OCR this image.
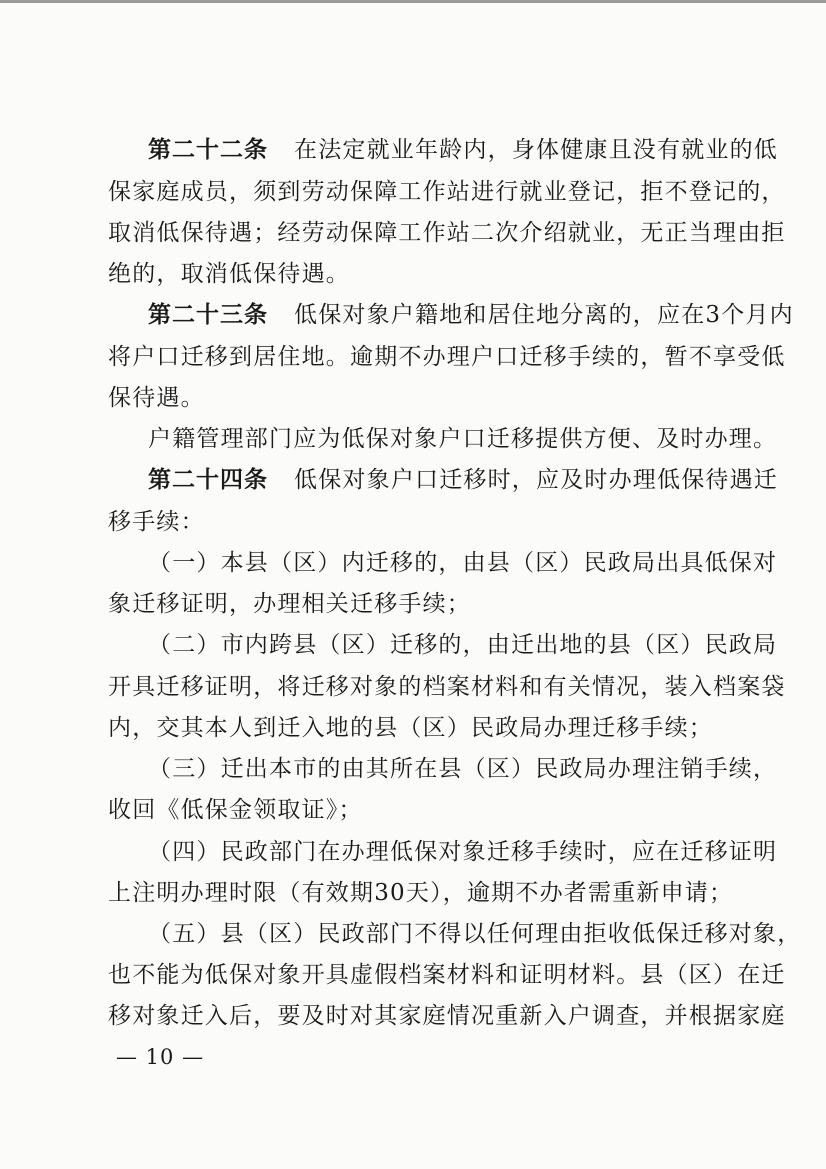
第二十二条 在法定就业年龄内，身体健康且没有就业的低
保家庭成员，须到劳动保障工作站进行就业登记，拒不登记的，
取消低保待遇；经劳动保障工作站二次介绍就业，无正当理由拒
绝的，取消低保待遇。
第二十三条 低保对象户籍地和居住地分离的，应在3个月内
将户口迁移到居住地。逾期不办理户口迁移手续的，暂不享受低
保待遇。
户籍管理部门应为低保对象户口迁移提供方便、及时办理。
第二十四条 低保对象户口迁移时，应及时办理低保待遇迁
移手续：
（一）本县（区）内迁移的，由县（区）民政局出具低保对
象迁移证明，办理相关迁移手续；
（二）市内跨县（区）迁移的，由迁出地的县（区）民政局
开具迁移证明，将迁移对象的档案材料和有关情况，装入档案袋
内，交其本人到迁入地的县（区）民政局办理迁移手续；
（三）迁出本市的由其所在县（区）民政局办理注销手续，
收回《低保金领取证》；
（四）民政部门在办理低保对象迁移手续时，应在迁移证明
上注明办理时限（有效期30天），逾期不办者需重新申请；
（五）县（区）民政部门不得以任何理由拒收低保迁移对象，
也不能为低保对象开具虚假档案材料和证明材料。县（区）在迁
移对象迁入后，要及时对其家庭情况重新入户调查，并根据家庭
— 10 —
